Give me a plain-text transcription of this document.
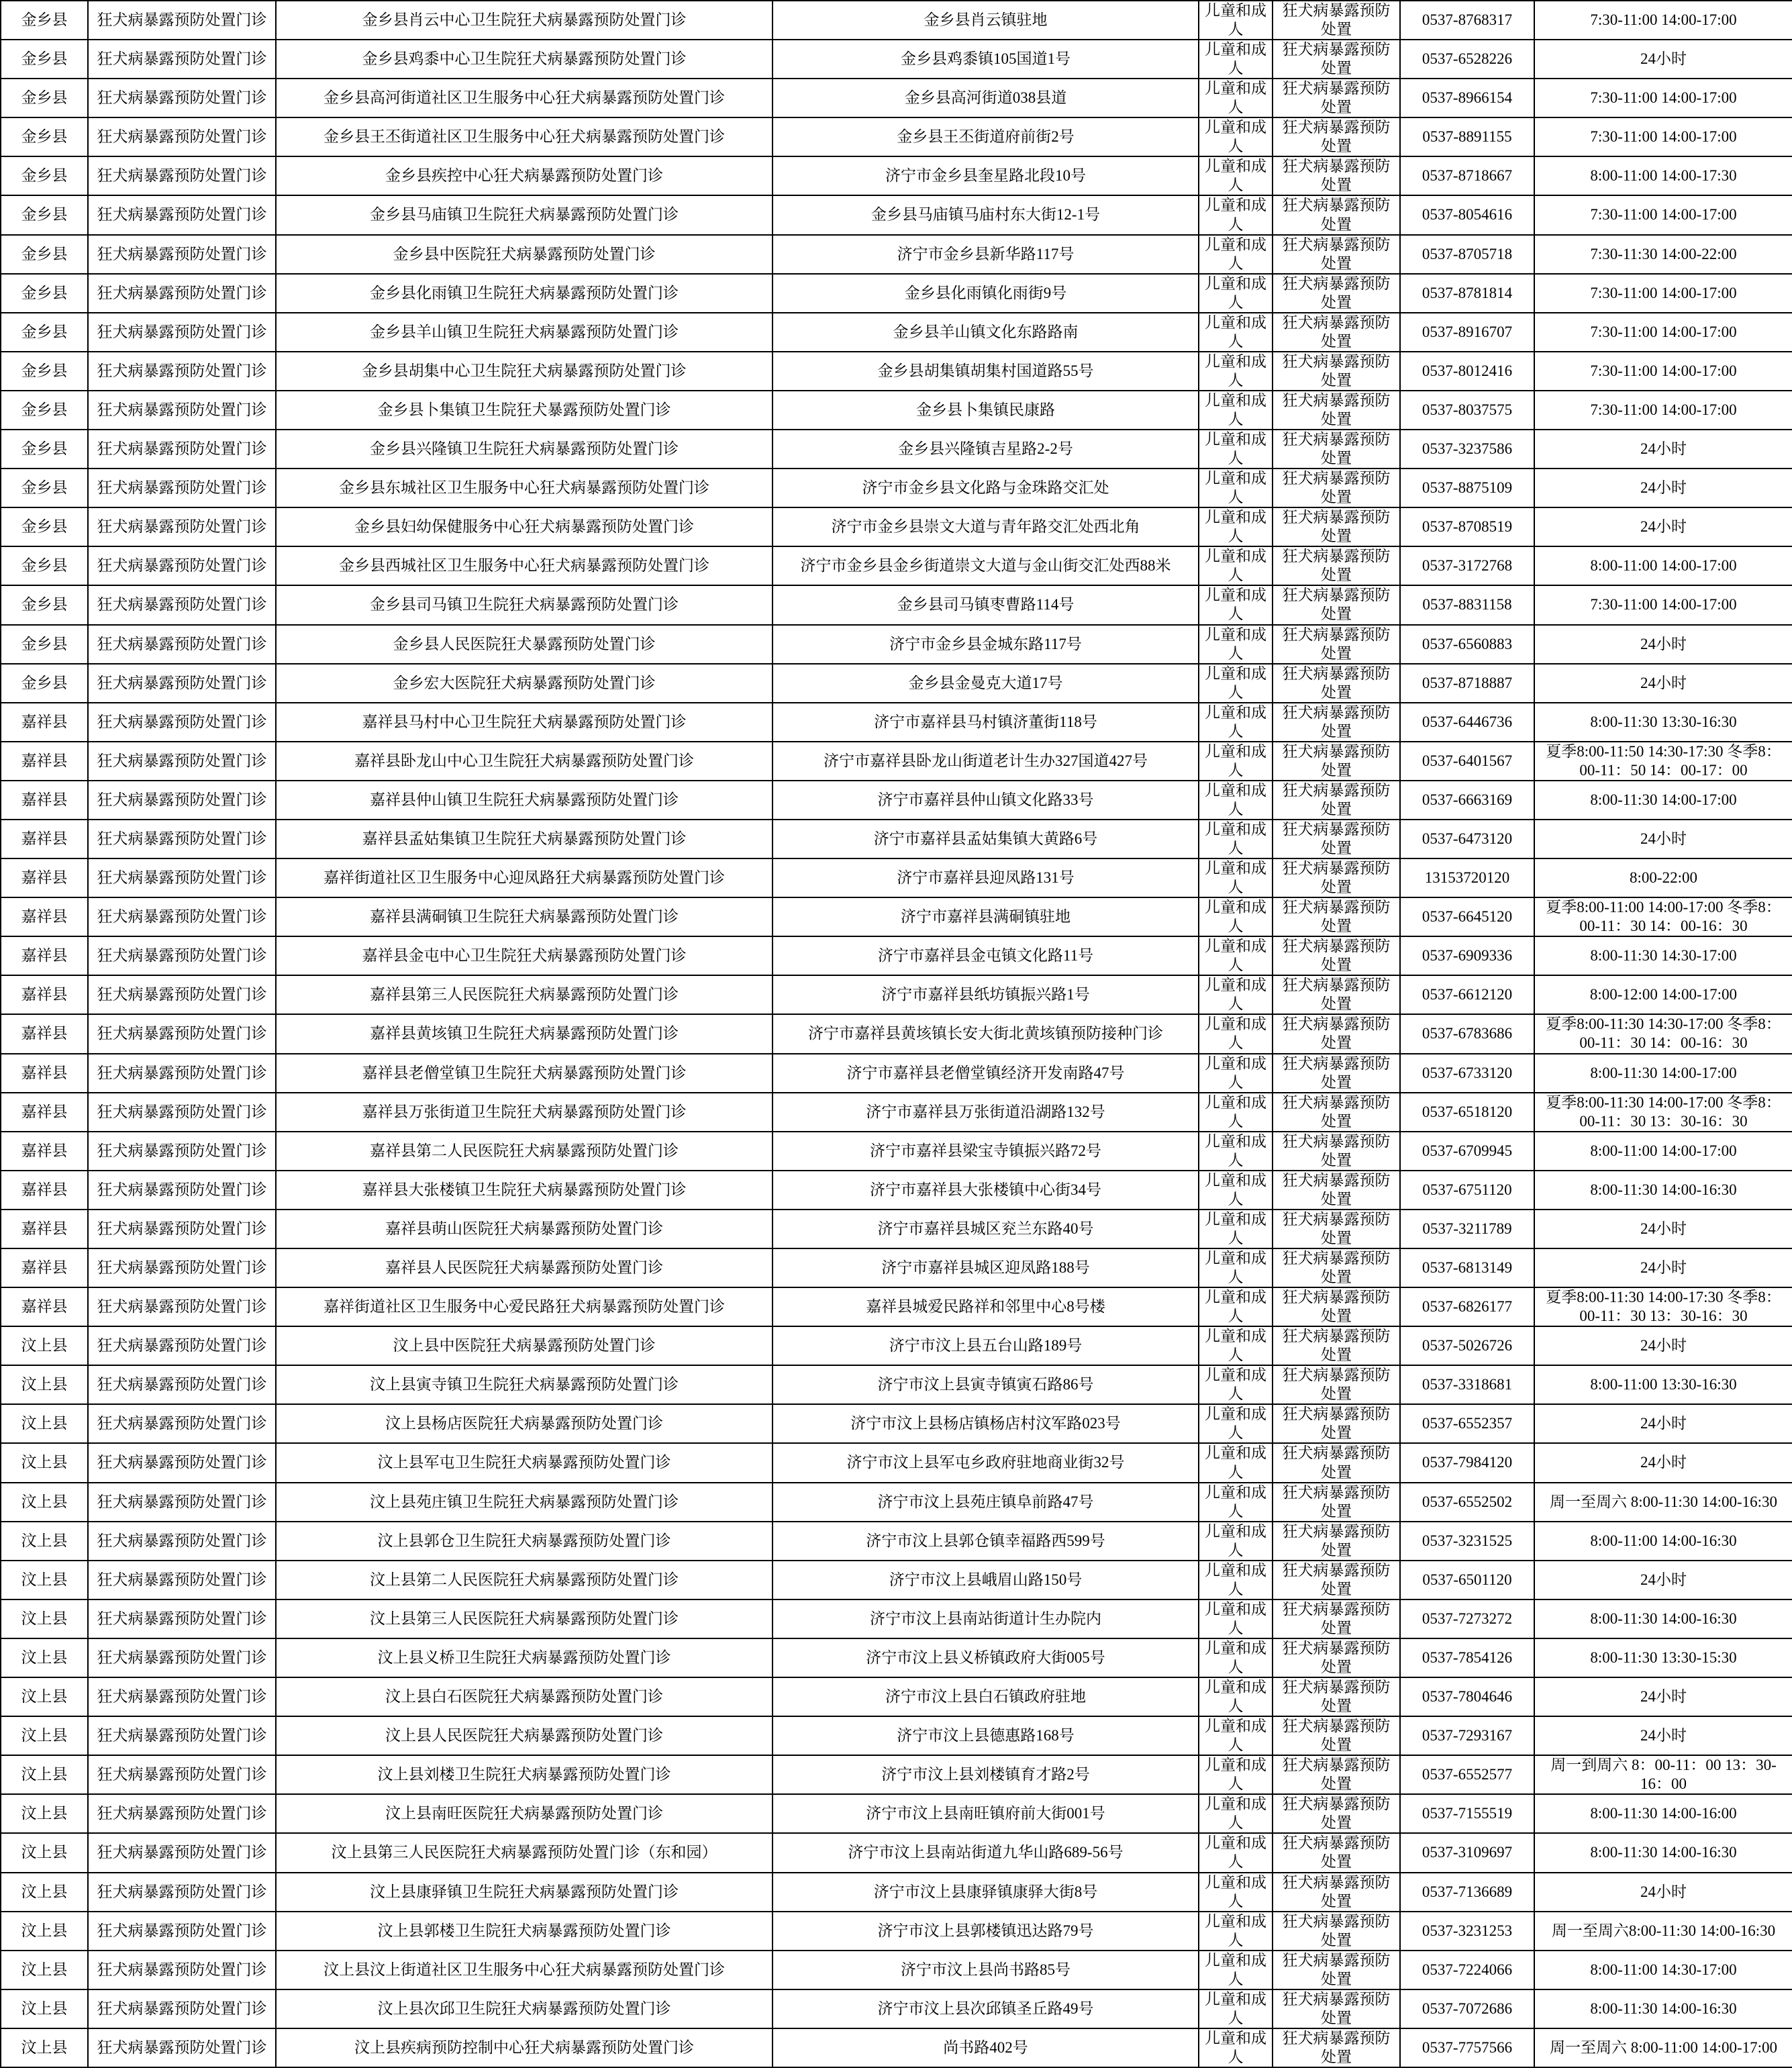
金乡县	狂犬病暴露预防处置门诊	金乡县肖云中心卫生院狂犬病暴露预防处置门诊	金乡县肖云镇驻地	儿童和成人	狂犬病暴露预防处置	0537-8768317	7:30-11:00 14:00-17:00
金乡县	狂犬病暴露预防处置门诊	金乡县鸡黍中心卫生院狂犬病暴露预防处置门诊	金乡县鸡黍镇105国道1号	儿童和成人	狂犬病暴露预防处置	0537-6528226	24小时
金乡县	狂犬病暴露预防处置门诊	金乡县高河街道社区卫生服务中心狂犬病暴露预防处置门诊	金乡县高河街道038县道	儿童和成人	狂犬病暴露预防处置	0537-8966154	7:30-11:00 14:00-17:00
金乡县	狂犬病暴露预防处置门诊	金乡县王丕街道社区卫生服务中心狂犬病暴露预防处置门诊	金乡县王丕街道府前街2号	儿童和成人	狂犬病暴露预防处置	0537-8891155	7:30-11:00 14:00-17:00
金乡县	狂犬病暴露预防处置门诊	金乡县疾控中心狂犬病暴露预防处置门诊	济宁市金乡县奎星路北段10号	儿童和成人	狂犬病暴露预防处置	0537-8718667	8:00-11:00 14:00-17:30
金乡县	狂犬病暴露预防处置门诊	金乡县马庙镇卫生院狂犬病暴露预防处置门诊	金乡县马庙镇马庙村东大街12-1号	儿童和成人	狂犬病暴露预防处置	0537-8054616	7:30-11:00 14:00-17:00
金乡县	狂犬病暴露预防处置门诊	金乡县中医院狂犬病暴露预防处置门诊	济宁市金乡县新华路117号	儿童和成人	狂犬病暴露预防处置	0537-8705718	7:30-11:30 14:00-22:00
金乡县	狂犬病暴露预防处置门诊	金乡县化雨镇卫生院狂犬病暴露预防处置门诊	金乡县化雨镇化雨街9号	儿童和成人	狂犬病暴露预防处置	0537-8781814	7:30-11:00 14:00-17:00
金乡县	狂犬病暴露预防处置门诊	金乡县羊山镇卫生院狂犬病暴露预防处置门诊	金乡县羊山镇文化东路路南	儿童和成人	狂犬病暴露预防处置	0537-8916707	7:30-11:00 14:00-17:00
金乡县	狂犬病暴露预防处置门诊	金乡县胡集中心卫生院狂犬病暴露预防处置门诊	金乡县胡集镇胡集村国道路55号	儿童和成人	狂犬病暴露预防处置	0537-8012416	7:30-11:00 14:00-17:00
金乡县	狂犬病暴露预防处置门诊	金乡县卜集镇卫生院狂犬暴露预防处置门诊	金乡县卜集镇民康路	儿童和成人	狂犬病暴露预防处置	0537-8037575	7:30-11:00 14:00-17:00
金乡县	狂犬病暴露预防处置门诊	金乡县兴隆镇卫生院狂犬病暴露预防处置门诊	金乡县兴隆镇吉星路2-2号	儿童和成人	狂犬病暴露预防处置	0537-3237586	24小时
金乡县	狂犬病暴露预防处置门诊	金乡县东城社区卫生服务中心狂犬病暴露预防处置门诊	济宁市金乡县文化路与金珠路交汇处	儿童和成人	狂犬病暴露预防处置	0537-8875109	24小时
金乡县	狂犬病暴露预防处置门诊	金乡县妇幼保健服务中心狂犬病暴露预防处置门诊	济宁市金乡县崇文大道与青年路交汇处西北角	儿童和成人	狂犬病暴露预防处置	0537-8708519	24小时
金乡县	狂犬病暴露预防处置门诊	金乡县西城社区卫生服务中心狂犬病暴露预防处置门诊	济宁市金乡县金乡街道崇文大道与金山街交汇处西88米	儿童和成人	狂犬病暴露预防处置	0537-3172768	8:00-11:00 14:00-17:00
金乡县	狂犬病暴露预防处置门诊	金乡县司马镇卫生院狂犬病暴露预防处置门诊	金乡县司马镇枣曹路114号	儿童和成人	狂犬病暴露预防处置	0537-8831158	7:30-11:00 14:00-17:00
金乡县	狂犬病暴露预防处置门诊	金乡县人民医院狂犬暴露预防处置门诊	济宁市金乡县金城东路117号	儿童和成人	狂犬病暴露预防处置	0537-6560883	24小时
金乡县	狂犬病暴露预防处置门诊	金乡宏大医院狂犬病暴露预防处置门诊	金乡县金曼克大道17号	儿童和成人	狂犬病暴露预防处置	0537-8718887	24小时
嘉祥县	狂犬病暴露预防处置门诊	嘉祥县马村中心卫生院狂犬病暴露预防处置门诊	济宁市嘉祥县马村镇济董街118号	儿童和成人	狂犬病暴露预防处置	0537-6446736	8:00-11:30 13:30-16:30
嘉祥县	狂犬病暴露预防处置门诊	嘉祥县卧龙山中心卫生院狂犬病暴露预防处置门诊	济宁市嘉祥县卧龙山街道老计生办327国道427号	儿童和成人	狂犬病暴露预防处置	0537-6401567	夏季8:00-11:50 14:30-17:30 冬季8：00-11：50 14：00-17：00
嘉祥县	狂犬病暴露预防处置门诊	嘉祥县仲山镇卫生院狂犬病暴露预防处置门诊	济宁市嘉祥县仲山镇文化路33号	儿童和成人	狂犬病暴露预防处置	0537-6663169	8:00-11:30 14:00-17:00
嘉祥县	狂犬病暴露预防处置门诊	嘉祥县孟姑集镇卫生院狂犬病暴露预防处置门诊	济宁市嘉祥县孟姑集镇大黄路6号	儿童和成人	狂犬病暴露预防处置	0537-6473120	24小时
嘉祥县	狂犬病暴露预防处置门诊	嘉祥街道社区卫生服务中心迎凤路狂犬病暴露预防处置门诊	济宁市嘉祥县迎凤路131号	儿童和成人	狂犬病暴露预防处置	13153720120	8:00-22:00
嘉祥县	狂犬病暴露预防处置门诊	嘉祥县满硐镇卫生院狂犬病暴露预防处置门诊	济宁市嘉祥县满硐镇驻地	儿童和成人	狂犬病暴露预防处置	0537-6645120	夏季8:00-11:00 14:00-17:00 冬季8：00-11：30 14：00-16：30
嘉祥县	狂犬病暴露预防处置门诊	嘉祥县金屯中心卫生院狂犬病暴露预防处置门诊	济宁市嘉祥县金屯镇文化路11号	儿童和成人	狂犬病暴露预防处置	0537-6909336	8:00-11:30 14:30-17:00
嘉祥县	狂犬病暴露预防处置门诊	嘉祥县第三人民医院狂犬病暴露预防处置门诊	济宁市嘉祥县纸坊镇振兴路1号	儿童和成人	狂犬病暴露预防处置	0537-6612120	8:00-12:00 14:00-17:00
嘉祥县	狂犬病暴露预防处置门诊	嘉祥县黄垓镇卫生院狂犬病暴露预防处置门诊	济宁市嘉祥县黄垓镇长安大街北黄垓镇预防接种门诊	儿童和成人	狂犬病暴露预防处置	0537-6783686	夏季8:00-11:30 14:30-17:00 冬季8：00-11：30 14：00-16：30
嘉祥县	狂犬病暴露预防处置门诊	嘉祥县老僧堂镇卫生院狂犬病暴露预防处置门诊	济宁市嘉祥县老僧堂镇经济开发南路47号	儿童和成人	狂犬病暴露预防处置	0537-6733120	8:00-11:30 14:00-17:00
嘉祥县	狂犬病暴露预防处置门诊	嘉祥县万张街道卫生院狂犬病暴露预防处置门诊	济宁市嘉祥县万张街道沿湖路132号	儿童和成人	狂犬病暴露预防处置	0537-6518120	夏季8:00-11:30 14:00-17:00 冬季8：00-11：30 13：30-16：30
嘉祥县	狂犬病暴露预防处置门诊	嘉祥县第二人民医院狂犬病暴露预防处置门诊	济宁市嘉祥县梁宝寺镇振兴路72号	儿童和成人	狂犬病暴露预防处置	0537-6709945	8:00-11:00 14:00-17:00
嘉祥县	狂犬病暴露预防处置门诊	嘉祥县大张楼镇卫生院狂犬病暴露预防处置门诊	济宁市嘉祥县大张楼镇中心街34号	儿童和成人	狂犬病暴露预防处置	0537-6751120	8:00-11:30 14:00-16:30
嘉祥县	狂犬病暴露预防处置门诊	嘉祥县萌山医院狂犬病暴露预防处置门诊	济宁市嘉祥县城区兖兰东路40号	儿童和成人	狂犬病暴露预防处置	0537-3211789	24小时
嘉祥县	狂犬病暴露预防处置门诊	嘉祥县人民医院狂犬病暴露预防处置门诊	济宁市嘉祥县城区迎凤路188号	儿童和成人	狂犬病暴露预防处置	0537-6813149	24小时
嘉祥县	狂犬病暴露预防处置门诊	嘉祥街道社区卫生服务中心爱民路狂犬病暴露预防处置门诊	嘉祥县城爱民路祥和邻里中心8号楼	儿童和成人	狂犬病暴露预防处置	0537-6826177	夏季8:00-11:30 14:00-17:30 冬季8：00-11：30 13：30-16：30
汶上县	狂犬病暴露预防处置门诊	汶上县中医院狂犬病暴露预防处置门诊	济宁市汶上县五台山路189号	儿童和成人	狂犬病暴露预防处置	0537-5026726	24小时
汶上县	狂犬病暴露预防处置门诊	汶上县寅寺镇卫生院狂犬病暴露预防处置门诊	济宁市汶上县寅寺镇寅石路86号	儿童和成人	狂犬病暴露预防处置	0537-3318681	8:00-11:00 13:30-16:30
汶上县	狂犬病暴露预防处置门诊	汶上县杨店医院狂犬病暴露预防处置门诊	济宁市汶上县杨店镇杨店村汶军路023号	儿童和成人	狂犬病暴露预防处置	0537-6552357	24小时
汶上县	狂犬病暴露预防处置门诊	汶上县军屯卫生院狂犬病暴露预防处置门诊	济宁市汶上县军屯乡政府驻地商业街32号	儿童和成人	狂犬病暴露预防处置	0537-7984120	24小时
汶上县	狂犬病暴露预防处置门诊	汶上县苑庄镇卫生院狂犬病暴露预防处置门诊	济宁市汶上县苑庄镇阜前路47号	儿童和成人	狂犬病暴露预防处置	0537-6552502	周一至周六 8:00-11:30 14:00-16:30
汶上县	狂犬病暴露预防处置门诊	汶上县郭仓卫生院狂犬病暴露预防处置门诊	济宁市汶上县郭仓镇幸福路西599号	儿童和成人	狂犬病暴露预防处置	0537-3231525	8:00-11:00 14:00-16:30
汶上县	狂犬病暴露预防处置门诊	汶上县第二人民医院狂犬病暴露预防处置门诊	济宁市汶上县峨眉山路150号	儿童和成人	狂犬病暴露预防处置	0537-6501120	24小时
汶上县	狂犬病暴露预防处置门诊	汶上县第三人民医院狂犬病暴露预防处置门诊	济宁市汶上县南站街道计生办院内	儿童和成人	狂犬病暴露预防处置	0537-7273272	8:00-11:30 14:00-16:30
汶上县	狂犬病暴露预防处置门诊	汶上县义桥卫生院狂犬病暴露预防处置门诊	济宁市汶上县义桥镇政府大街005号	儿童和成人	狂犬病暴露预防处置	0537-7854126	8:00-11:30 13:30-15:30
汶上县	狂犬病暴露预防处置门诊	汶上县白石医院狂犬病暴露预防处置门诊	济宁市汶上县白石镇政府驻地	儿童和成人	狂犬病暴露预防处置	0537-7804646	24小时
汶上县	狂犬病暴露预防处置门诊	汶上县人民医院狂犬病暴露预防处置门诊	济宁市汶上县德惠路168号	儿童和成人	狂犬病暴露预防处置	0537-7293167	24小时
汶上县	狂犬病暴露预防处置门诊	汶上县刘楼卫生院狂犬病暴露预防处置门诊	济宁市汶上县刘楼镇育才路2号	儿童和成人	狂犬病暴露预防处置	0537-6552577	周一到周六 8：00-11：00 13：30-16：00
汶上县	狂犬病暴露预防处置门诊	汶上县南旺医院狂犬病暴露预防处置门诊	济宁市汶上县南旺镇府前大街001号	儿童和成人	狂犬病暴露预防处置	0537-7155519	8:00-11:30 14:00-16:00
汶上县	狂犬病暴露预防处置门诊	汶上县第三人民医院狂犬病暴露预防处置门诊（东和园）	济宁市汶上县南站街道九华山路689-56号	儿童和成人	狂犬病暴露预防处置	0537-3109697	8:00-11:30 14:00-16:30
汶上县	狂犬病暴露预防处置门诊	汶上县康驿镇卫生院狂犬病暴露预防处置门诊	济宁市汶上县康驿镇康驿大街8号	儿童和成人	狂犬病暴露预防处置	0537-7136689	24小时
汶上县	狂犬病暴露预防处置门诊	汶上县郭楼卫生院狂犬病暴露预防处置门诊	济宁市汶上县郭楼镇迅达路79号	儿童和成人	狂犬病暴露预防处置	0537-3231253	周一至周六8:00-11:30 14:00-16:30
汶上县	狂犬病暴露预防处置门诊	汶上县汶上街道社区卫生服务中心狂犬病暴露预防处置门诊	济宁市汶上县尚书路85号	儿童和成人	狂犬病暴露预防处置	0537-7224066	8:00-11:00 14:30-17:00
汶上县	狂犬病暴露预防处置门诊	汶上县次邱卫生院狂犬病暴露预防处置门诊	济宁市汶上县次邱镇圣丘路49号	儿童和成人	狂犬病暴露预防处置	0537-7072686	8:00-11:30 14:00-16:30
汶上县	狂犬病暴露预防处置门诊	汶上县疾病预防控制中心狂犬病暴露预防处置门诊	尚书路402号	儿童和成人	狂犬病暴露预防处置	0537-7757566	周一至周六 8:00-11:00 14:00-17:00
